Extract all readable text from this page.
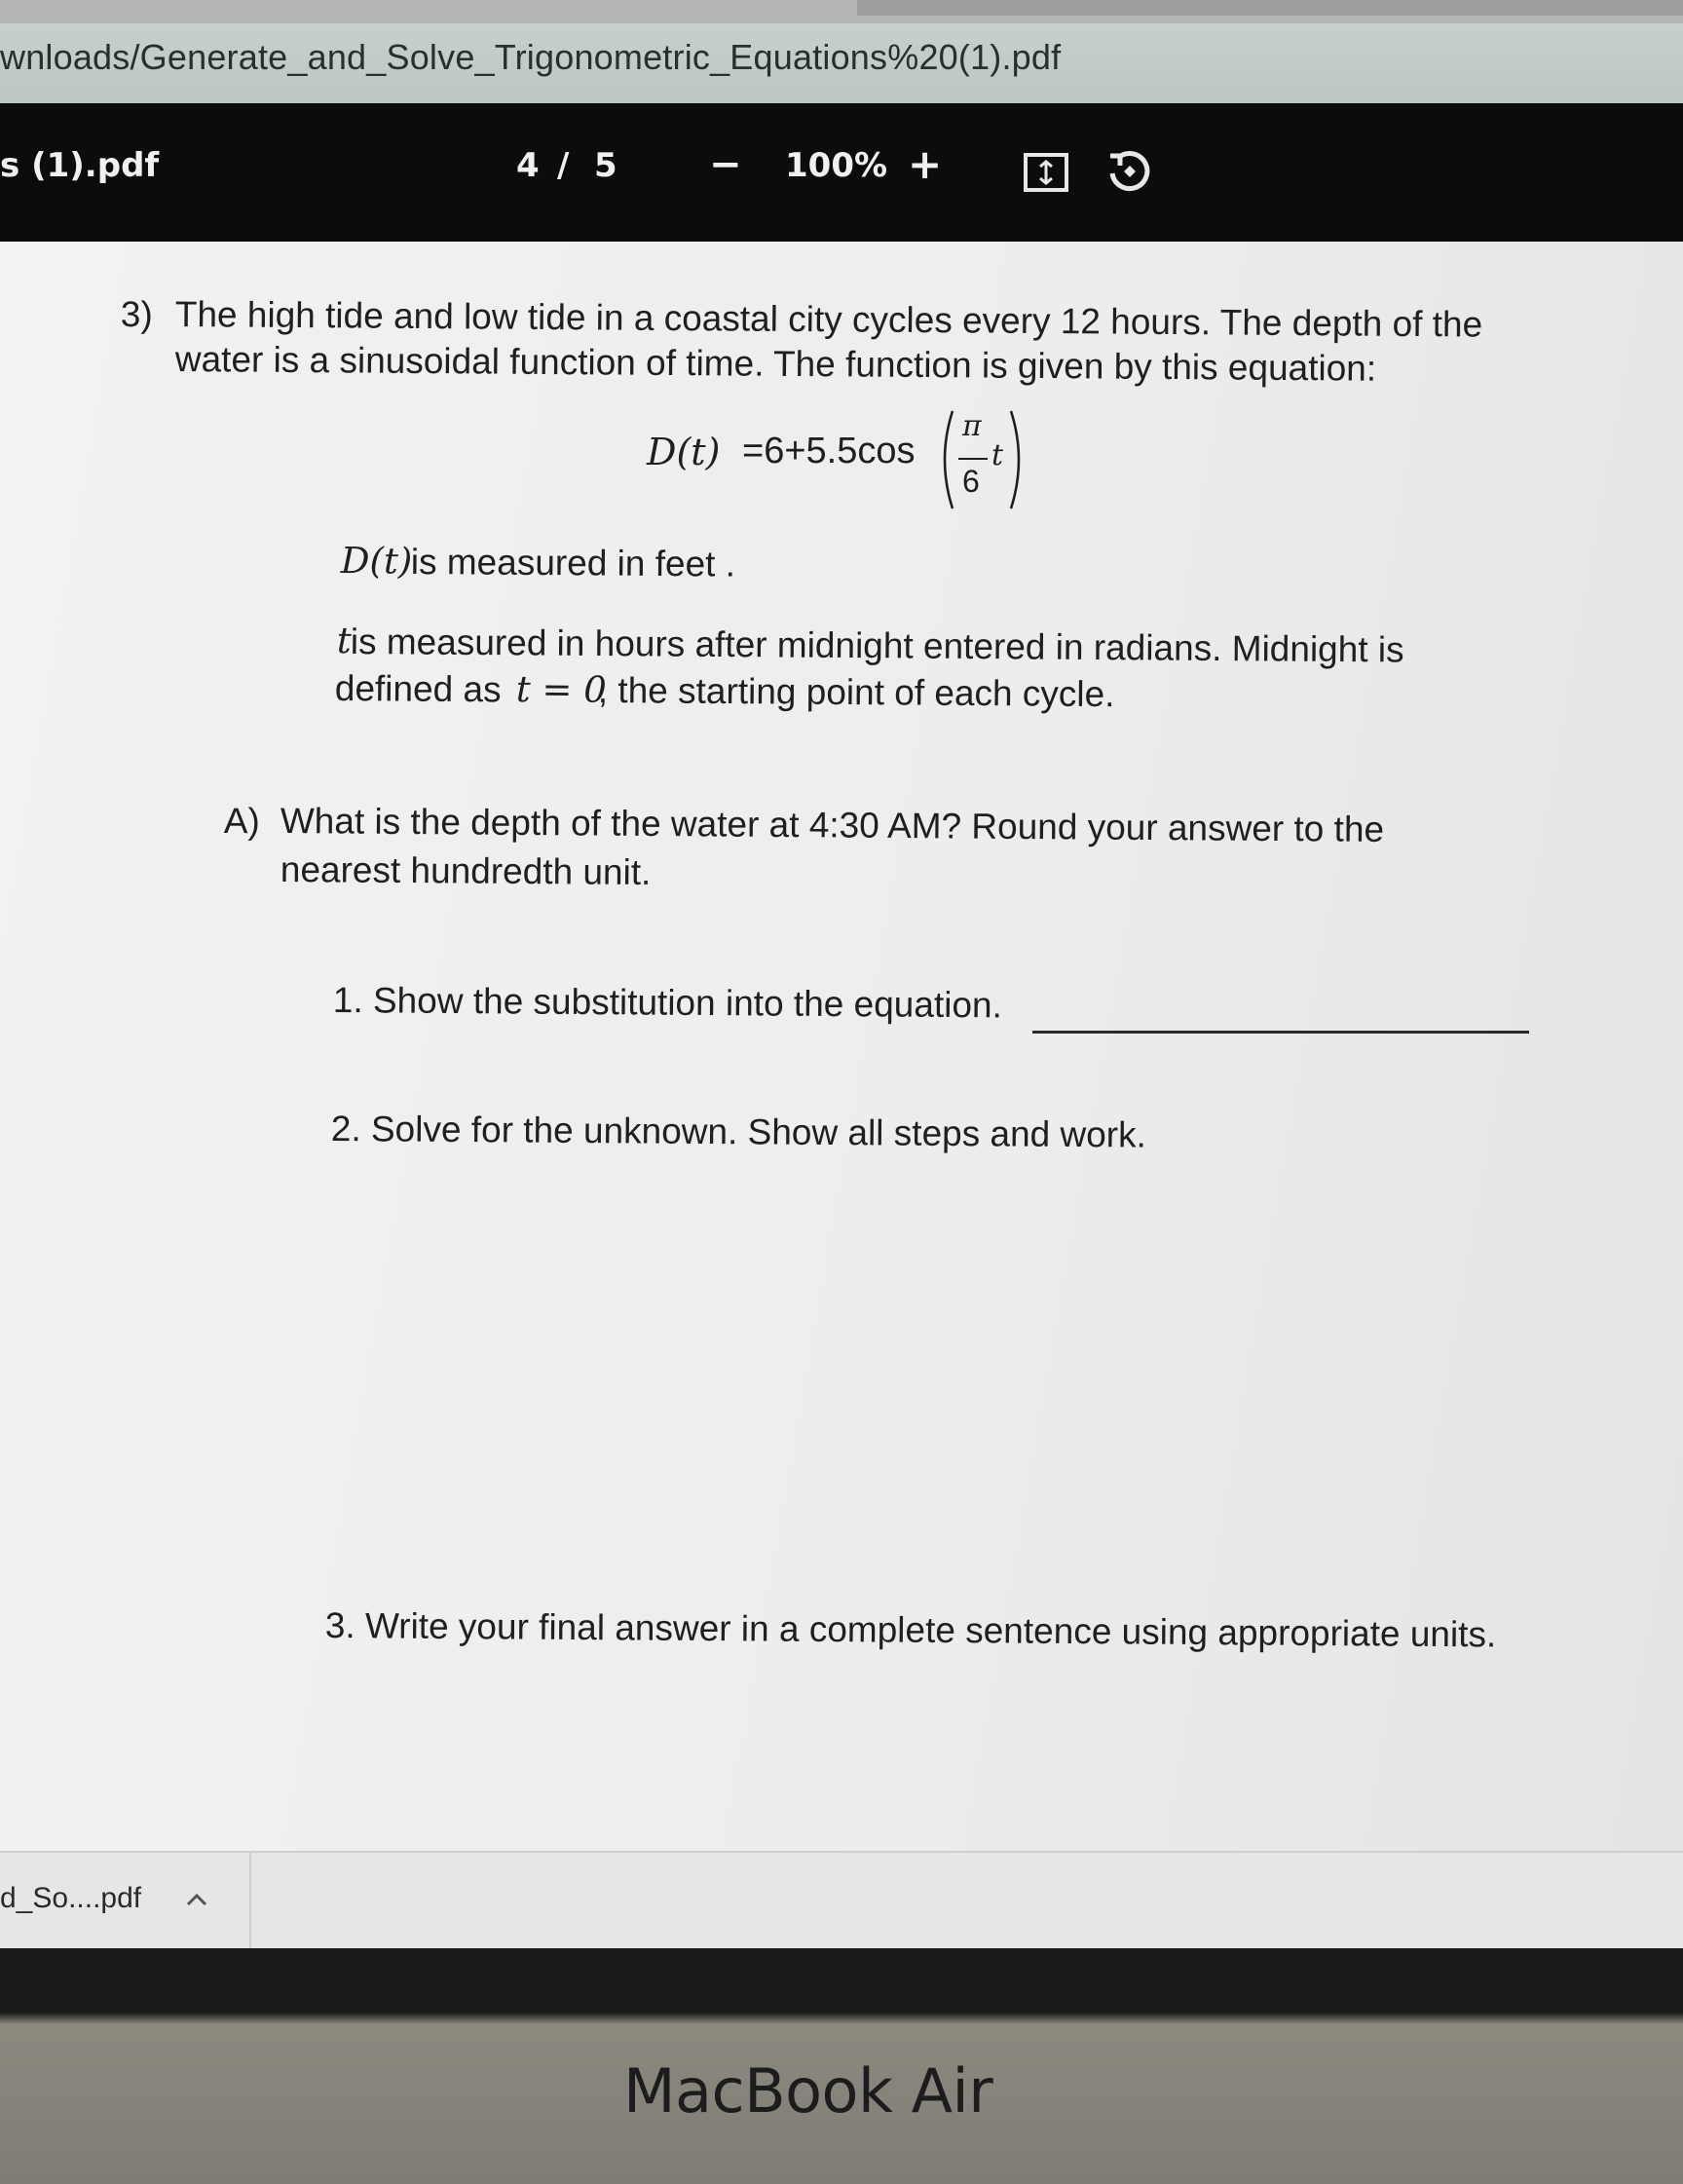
wnloads/Generate_and_Solve_Trigonometric_Equations%20(1).pdf
s (1).pdf	4 / 5 − 100% +
3) The high tide and low tide in a coastal city cycles every 12 hours. The depth of the
water is a sinusoidal function of time. The function is given by this equation:
D(t) =6+5.5cos
π
6
t
D(t)
is measured in feet .
t
is measured in hours after midnight entered in radians. Midnight is
defined as t = 0
, the starting point of each cycle.
A) What is the depth of the water at 4:30 AM? Round your answer to the
nearest hundredth unit.
1. Show the substitution into the equation.
2. Solve for the unknown. Show all steps and work.
3. Write your final answer in a complete sentence using appropriate units.
d_So....pdf
MacBook Air
